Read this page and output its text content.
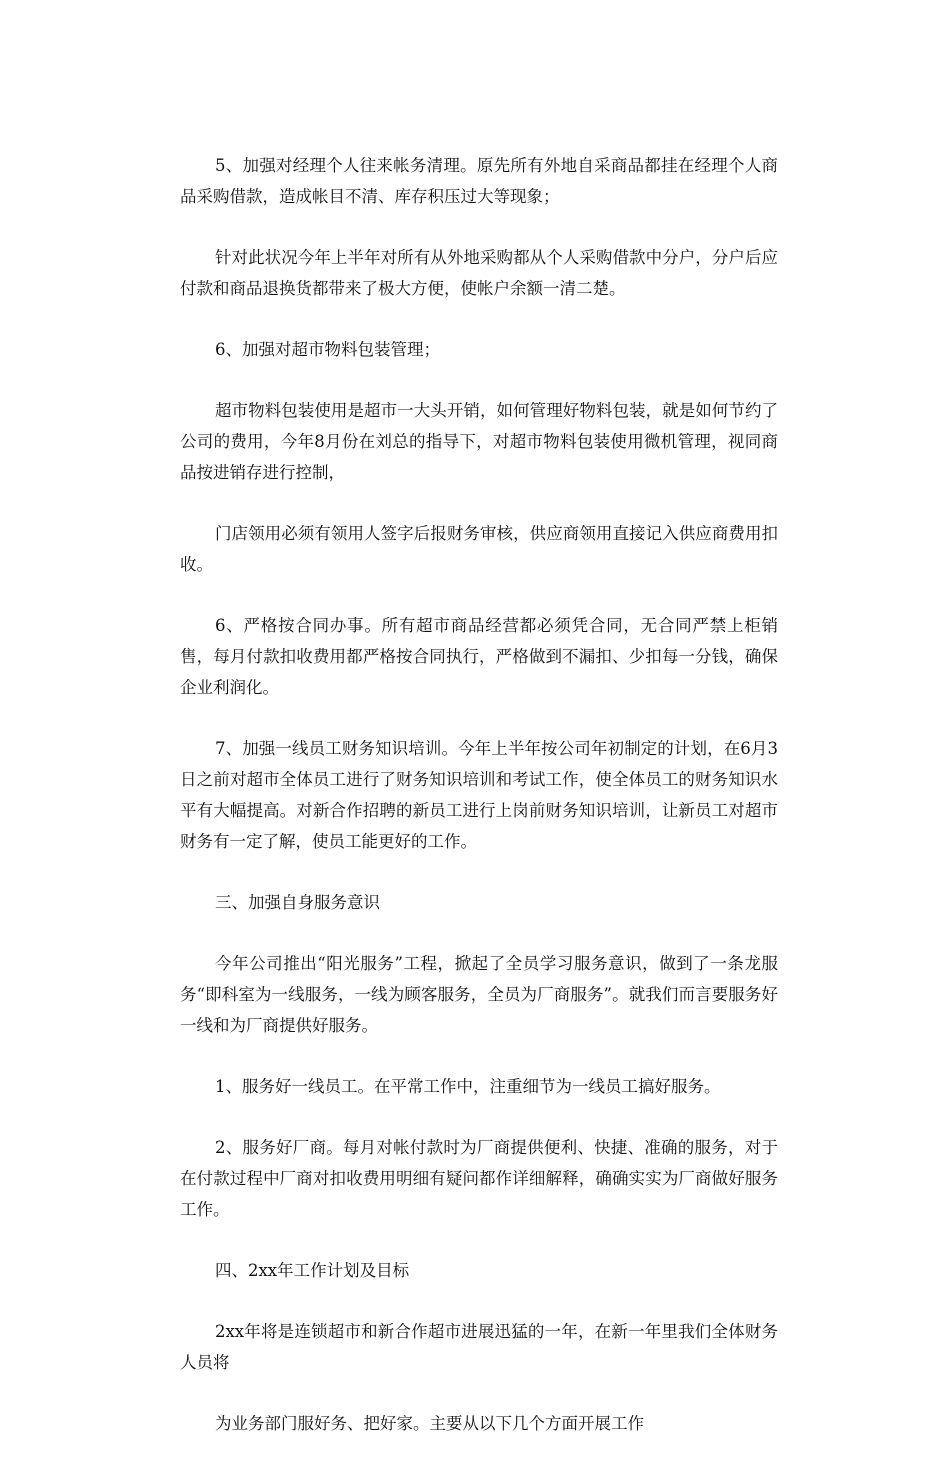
5、加强对经理个人往来帐务清理。原先所有外地自采商品都挂在经理个人商品采购借款，造成帐目不清、库存积压过大等现象；

针对此状况今年上半年对所有从外地采购都从个人采购借款中分户，分户后应付款和商品退换货都带来了极大方便，使帐户余额一清二楚。

6、加强对超市物料包装管理；

超市物料包装使用是超市一大头开销，如何管理好物料包装，就是如何节约了公司的费用，今年8月份在刘总的指导下，对超市物料包装使用微机管理，视同商品按进销存进行控制，

门店领用必须有领用人签字后报财务审核，供应商领用直接记入供应商费用扣收。

6、严格按合同办事。所有超市商品经营都必须凭合同，无合同严禁上柜销售，每月付款扣收费用都严格按合同执行，严格做到不漏扣、少扣每一分钱，确保企业利润化。

7、加强一线员工财务知识培训。今年上半年按公司年初制定的计划，在6月3日之前对超市全体员工进行了财务知识培训和考试工作，使全体员工的财务知识水平有大幅提高。对新合作招聘的新员工进行上岗前财务知识培训，让新员工对超市财务有一定了解，使员工能更好的工作。

三、加强自身服务意识

今年公司推出“阳光服务”工程，掀起了全员学习服务意识，做到了一条龙服务“即科室为一线服务，一线为顾客服务，全员为厂商服务”。就我们而言要服务好一线和为厂商提供好服务。

1、服务好一线员工。在平常工作中，注重细节为一线员工搞好服务。

2、服务好厂商。每月对帐付款时为厂商提供便利、快捷、准确的服务，对于在付款过程中厂商对扣收费用明细有疑问都作详细解释，确确实实为厂商做好服务工作。

四、2xx年工作计划及目标

2xx年将是连锁超市和新合作超市进展迅猛的一年，在新一年里我们全体财务人员将

为业务部门服好务、把好家。主要从以下几个方面开展工作
